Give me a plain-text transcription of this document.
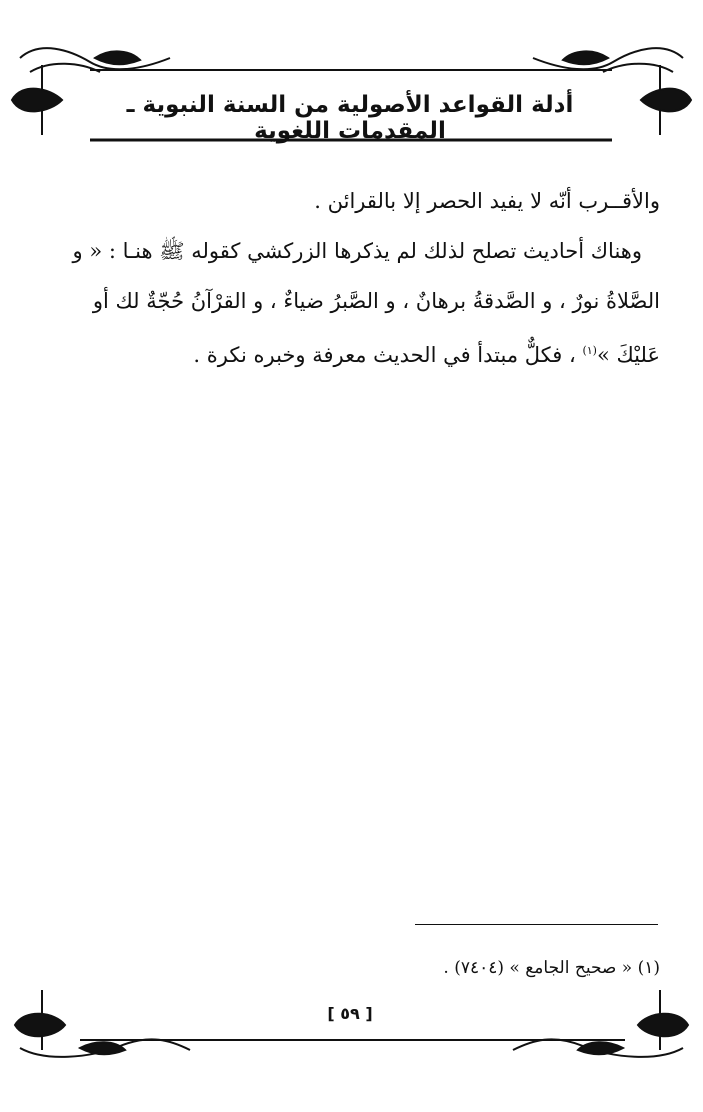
أدلة القواعد الأصولية من السنة النبوية ـ المقدمات اللغوية

والأقــرب أنّه لا يفيد الحصر إلا بالقرائن .

وهناك أحاديث تصلح لذلك لم يذكرها الزركشي كقوله ﷺ هنـا : « و

الصَّلاةُ نورٌ ، و الصَّدقةُ برهانٌ ، و الصَّبرُ ضياءٌ ، و القرْآنُ حُجّةٌ لك أو

عَليْكَ »$^{(١)}$ ، فكلٌّ مبتدأ في الحديث معرفة وخبره نكرة .

(١) « صحيح الجامع » (٧٤٠٤) .
[ ٥٩ ]
